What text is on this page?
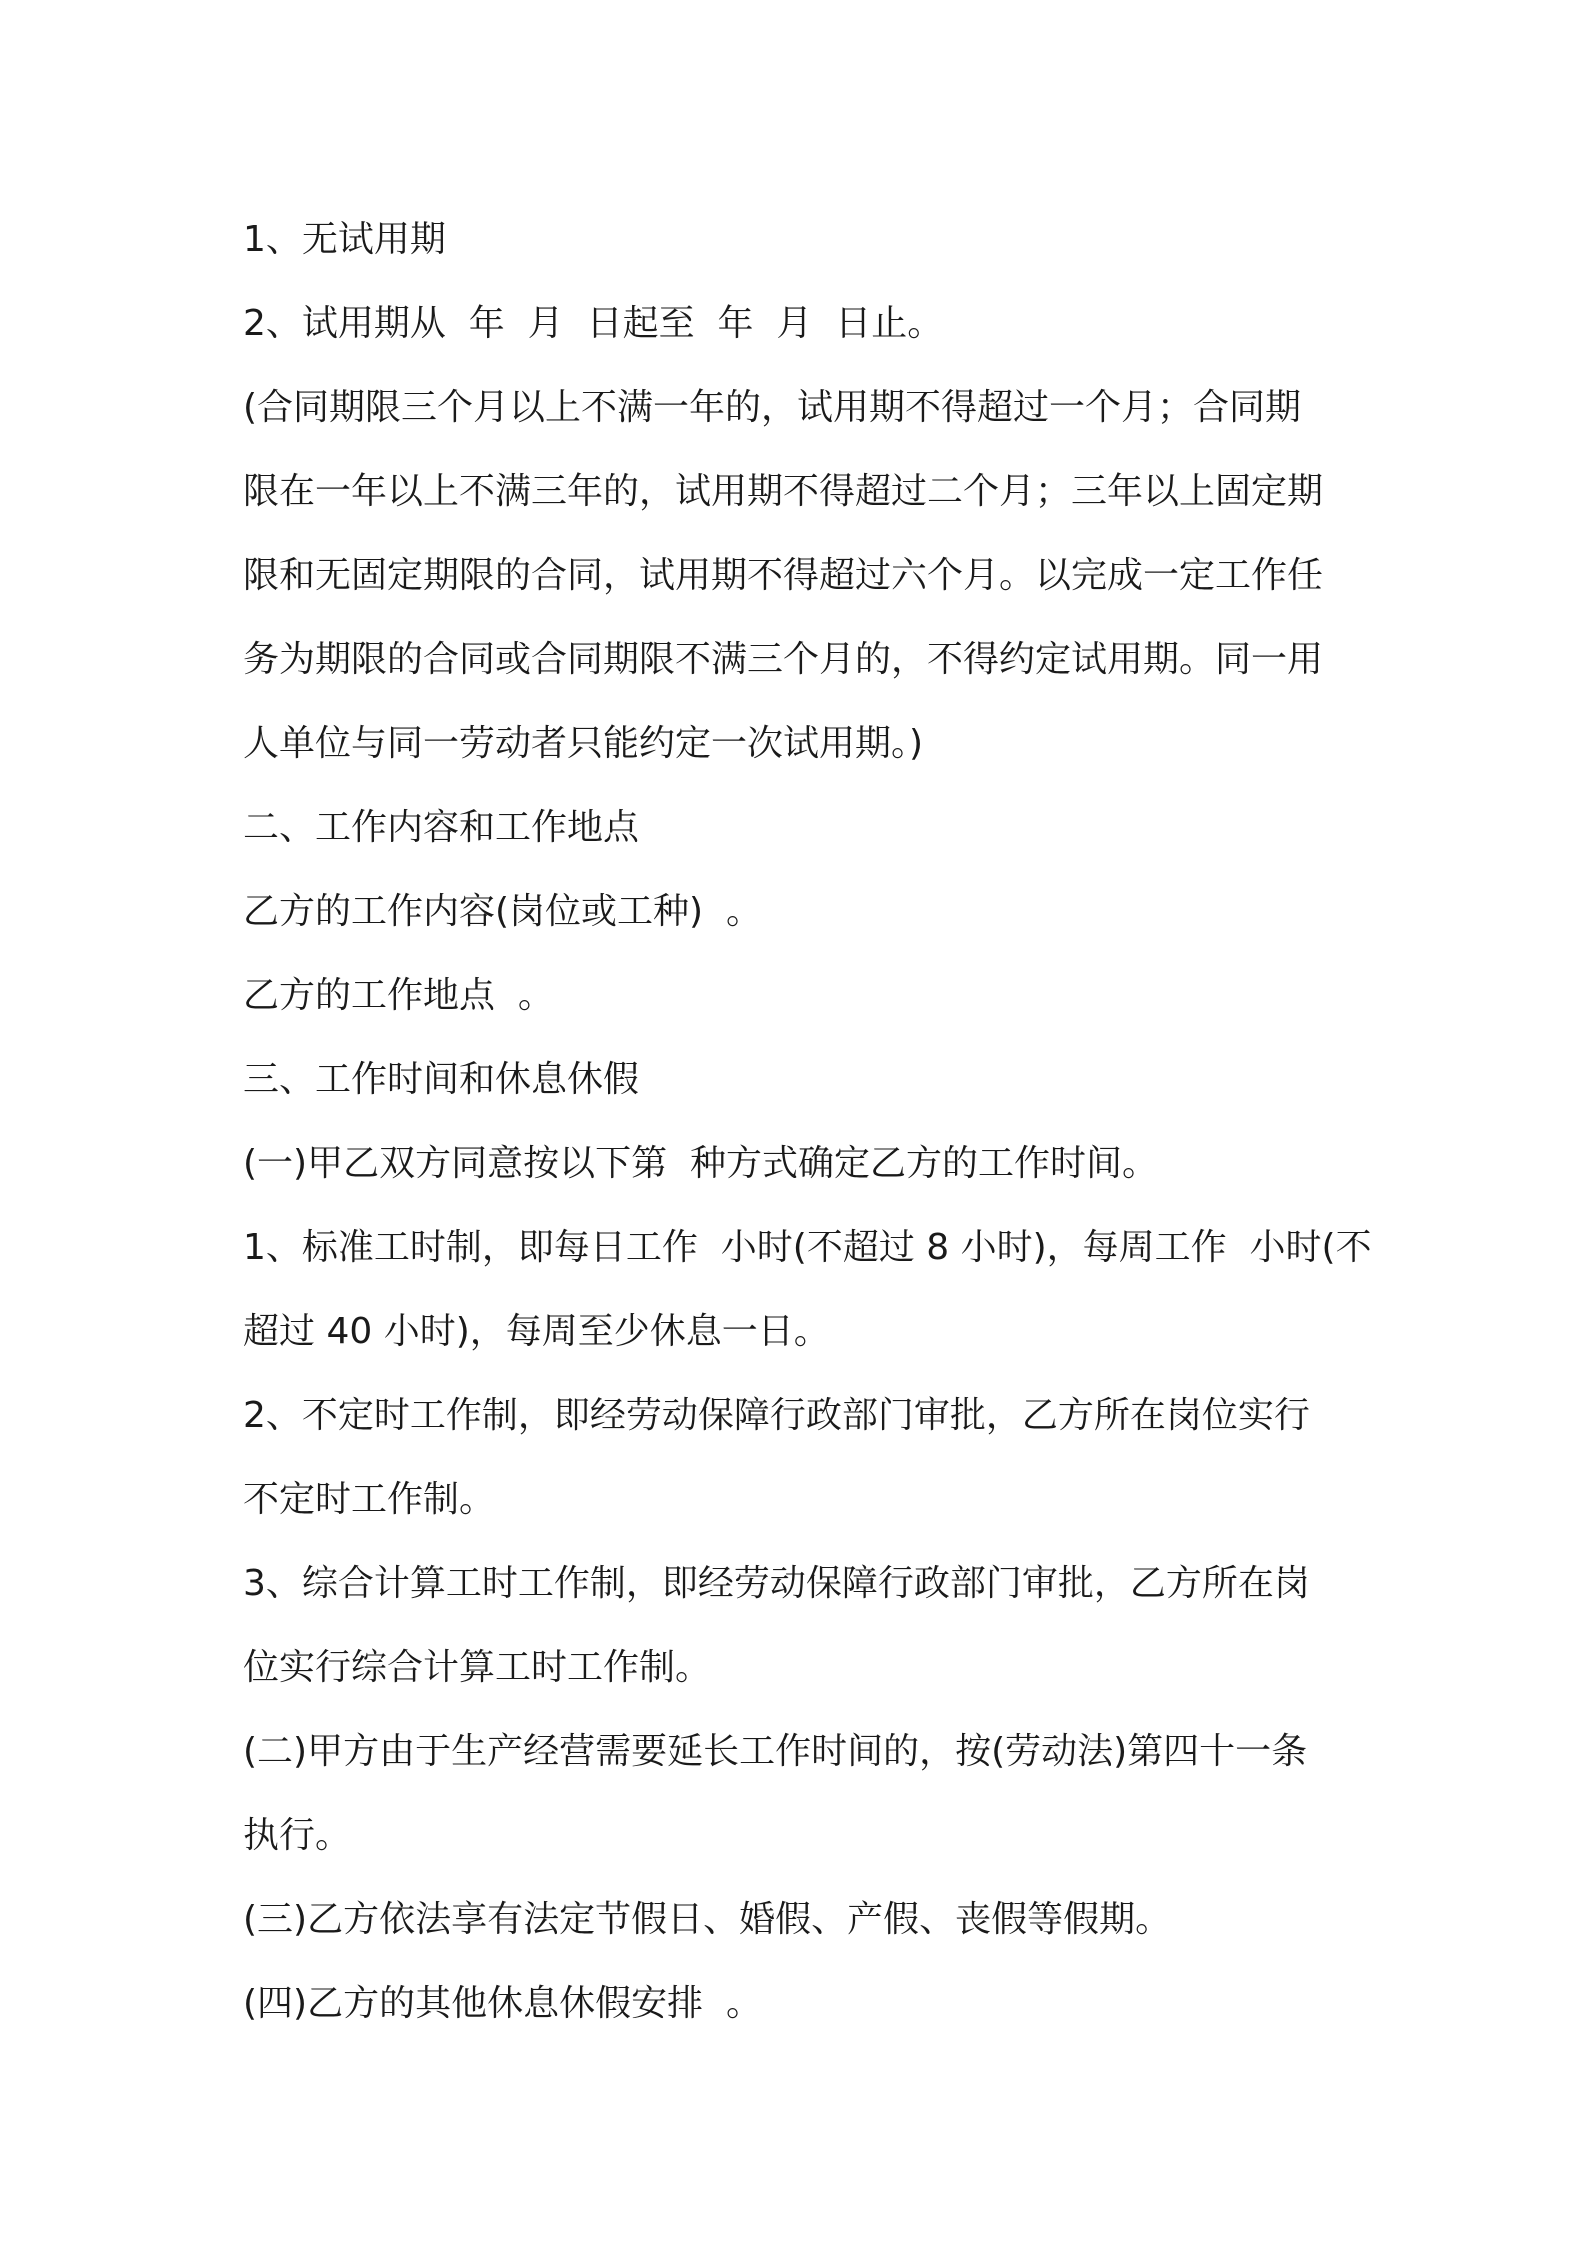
1、无试用期
2、试用期从  年  月  日起至  年  月  日止。
(合同期限三个月以上不满一年的，试用期不得超过一个月；合同期
限在一年以上不满三年的，试用期不得超过二个月；三年以上固定期
限和无固定期限的合同，试用期不得超过六个月。以完成一定工作任
务为期限的合同或合同期限不满三个月的，不得约定试用期。同一用
人单位与同一劳动者只能约定一次试用期。)
二、工作内容和工作地点
乙方的工作内容(岗位或工种)  。
乙方的工作地点  。
三、工作时间和休息休假
(一)甲乙双方同意按以下第  种方式确定乙方的工作时间。
1、标准工时制，即每日工作  小时(不超过 8 小时)，每周工作  小时(不
超过 40 小时)，每周至少休息一日。
2、不定时工作制，即经劳动保障行政部门审批，乙方所在岗位实行
不定时工作制。
3、综合计算工时工作制，即经劳动保障行政部门审批，乙方所在岗
位实行综合计算工时工作制。
(二)甲方由于生产经营需要延长工作时间的，按(劳动法)第四十一条
执行。
(三)乙方依法享有法定节假日、婚假、产假、丧假等假期。
(四)乙方的其他休息休假安排  。
